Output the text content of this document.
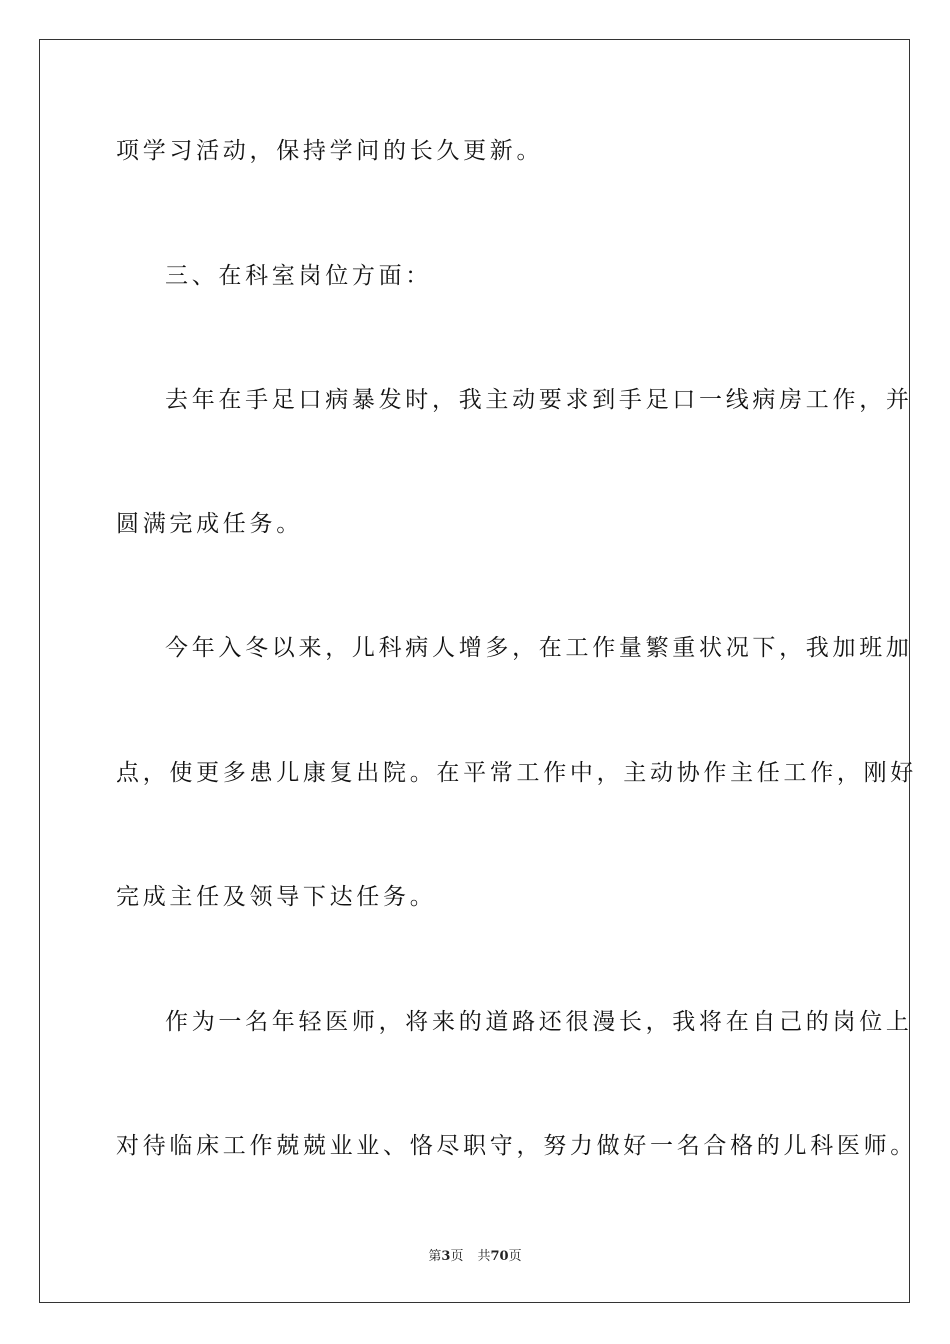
项学习活动，保持学问的长久更新。
三、在科室岗位方面：
去年在手足口病暴发时，我主动要求到手足口一线病房工作，并
圆满完成任务。
今年入冬以来，儿科病人增多，在工作量繁重状况下，我加班加
点，使更多患儿康复出院。在平常工作中，主动协作主任工作，刚好
完成主任及领导下达任务。
作为一名年轻医师，将来的道路还很漫长，我将在自己的岗位上
对待临床工作兢兢业业、恪尽职守，努力做好一名合格的儿科医师。
第3页 共70页
